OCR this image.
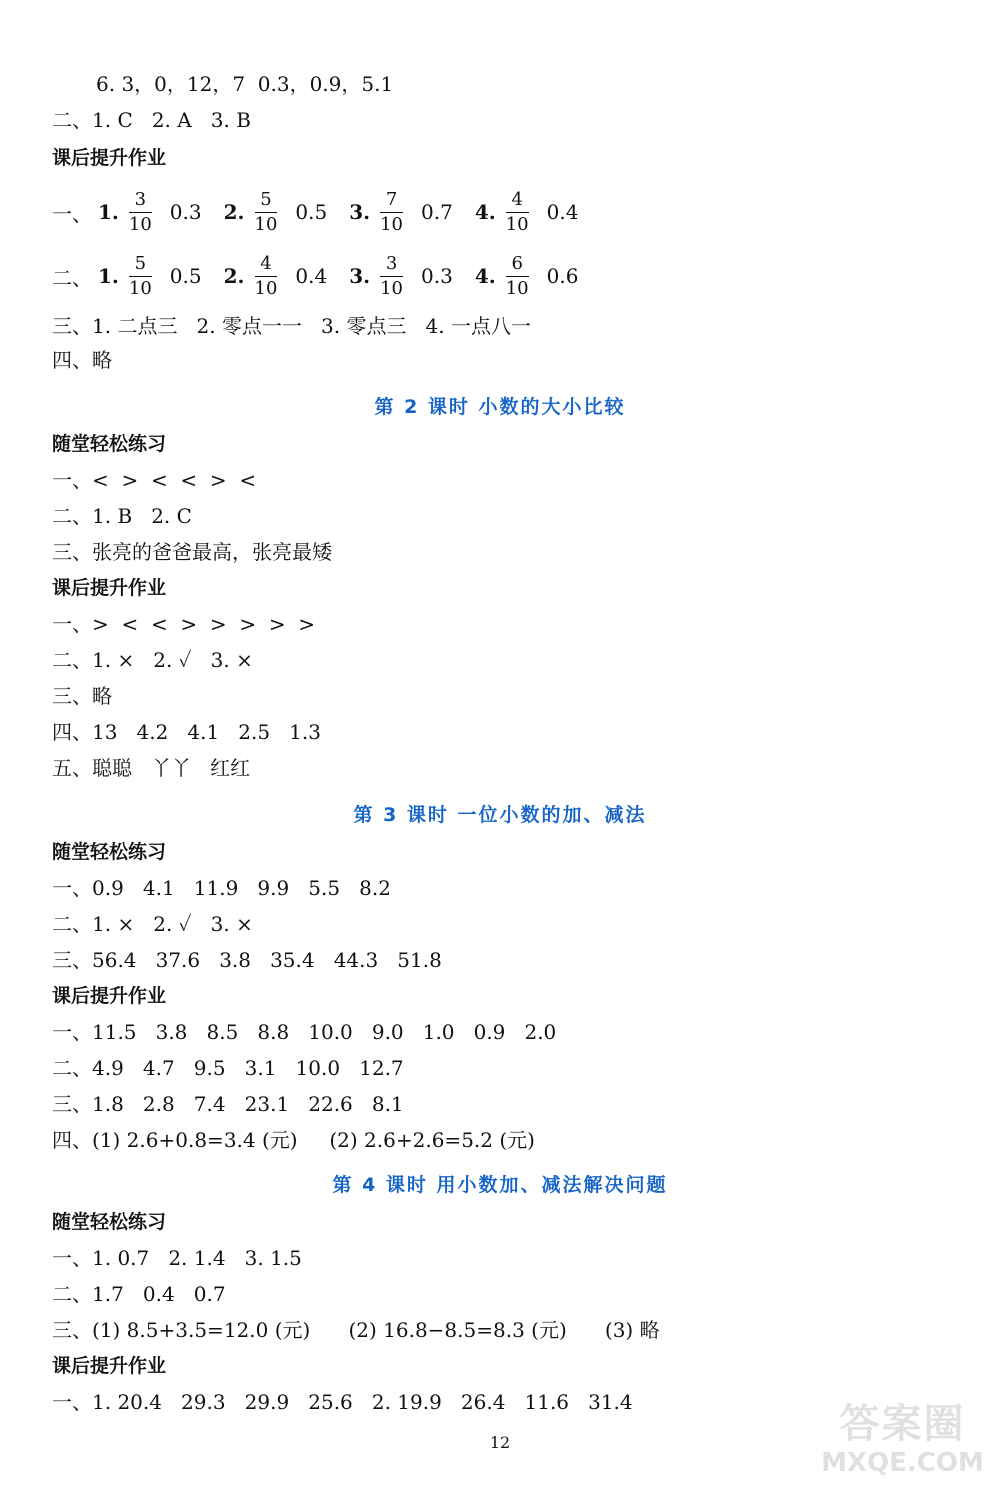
6. 3，0，12，7  0.3，0.9，5.1
二、1. C   2. A   3. B
课后提升作业
一、 1. $\frac{3}{10} 0.3$ 2. $\frac{5}{10} 0.5$ 3. $\frac{7}{10} 0.7$ 4. $\frac{4}{10} 0.4$
二、 1. $\frac{5}{10} 0.5$ 2. $\frac{4}{10} 0.4$ 3. $\frac{3}{10} 0.3$ 4. $\frac{6}{10} 0.6$
三、1. 二点三   2. 零点一一   3. 零点三   4. 一点八一
四、略
第 2 课时 小数的大小比较
随堂轻松练习
一、<  >  <  <  >  <
二、1. B   2. C
三、张亮的爸爸最高，张亮最矮
课后提升作业
一、>  <  <  >  >  >  >  >
二、1. ×   2. ✓   3. ×
三、略
四、13   4.2   4.1   2.5   1.3
五、聪聪   丫丫   红红
第 3 课时 一位小数的加、减法
随堂轻松练习
一、0.9   4.1   11.9   9.9   5.5   8.2
二、1. ×   2. ✓   3. ×
三、56.4   37.6   3.8   35.4   44.3   51.8
课后提升作业
一、11.5   3.8   8.5   8.8   10.0   9.0   1.0   0.9   2.0
二、4.9   4.7   9.5   3.1   10.0   12.7
三、1.8   2.8   7.4   23.1   22.6   8.1
四、(1) 2.6+0.8=3.4 (元)     (2) 2.6+2.6=5.2 (元)
第 4 课时 用小数加、减法解决问题
随堂轻松练习
一、1. 0.7   2. 1.4   3. 1.5
二、1.7   0.4   0.7
三、(1) 8.5+3.5=12.0 (元)      (2) 16.8−8.5=8.3 (元)      (3) 略
课后提升作业
一、1. 20.4   29.3   29.9   25.6   2. 19.9   26.4   11.6   31.4
12	答案圈
MXQE.COM
